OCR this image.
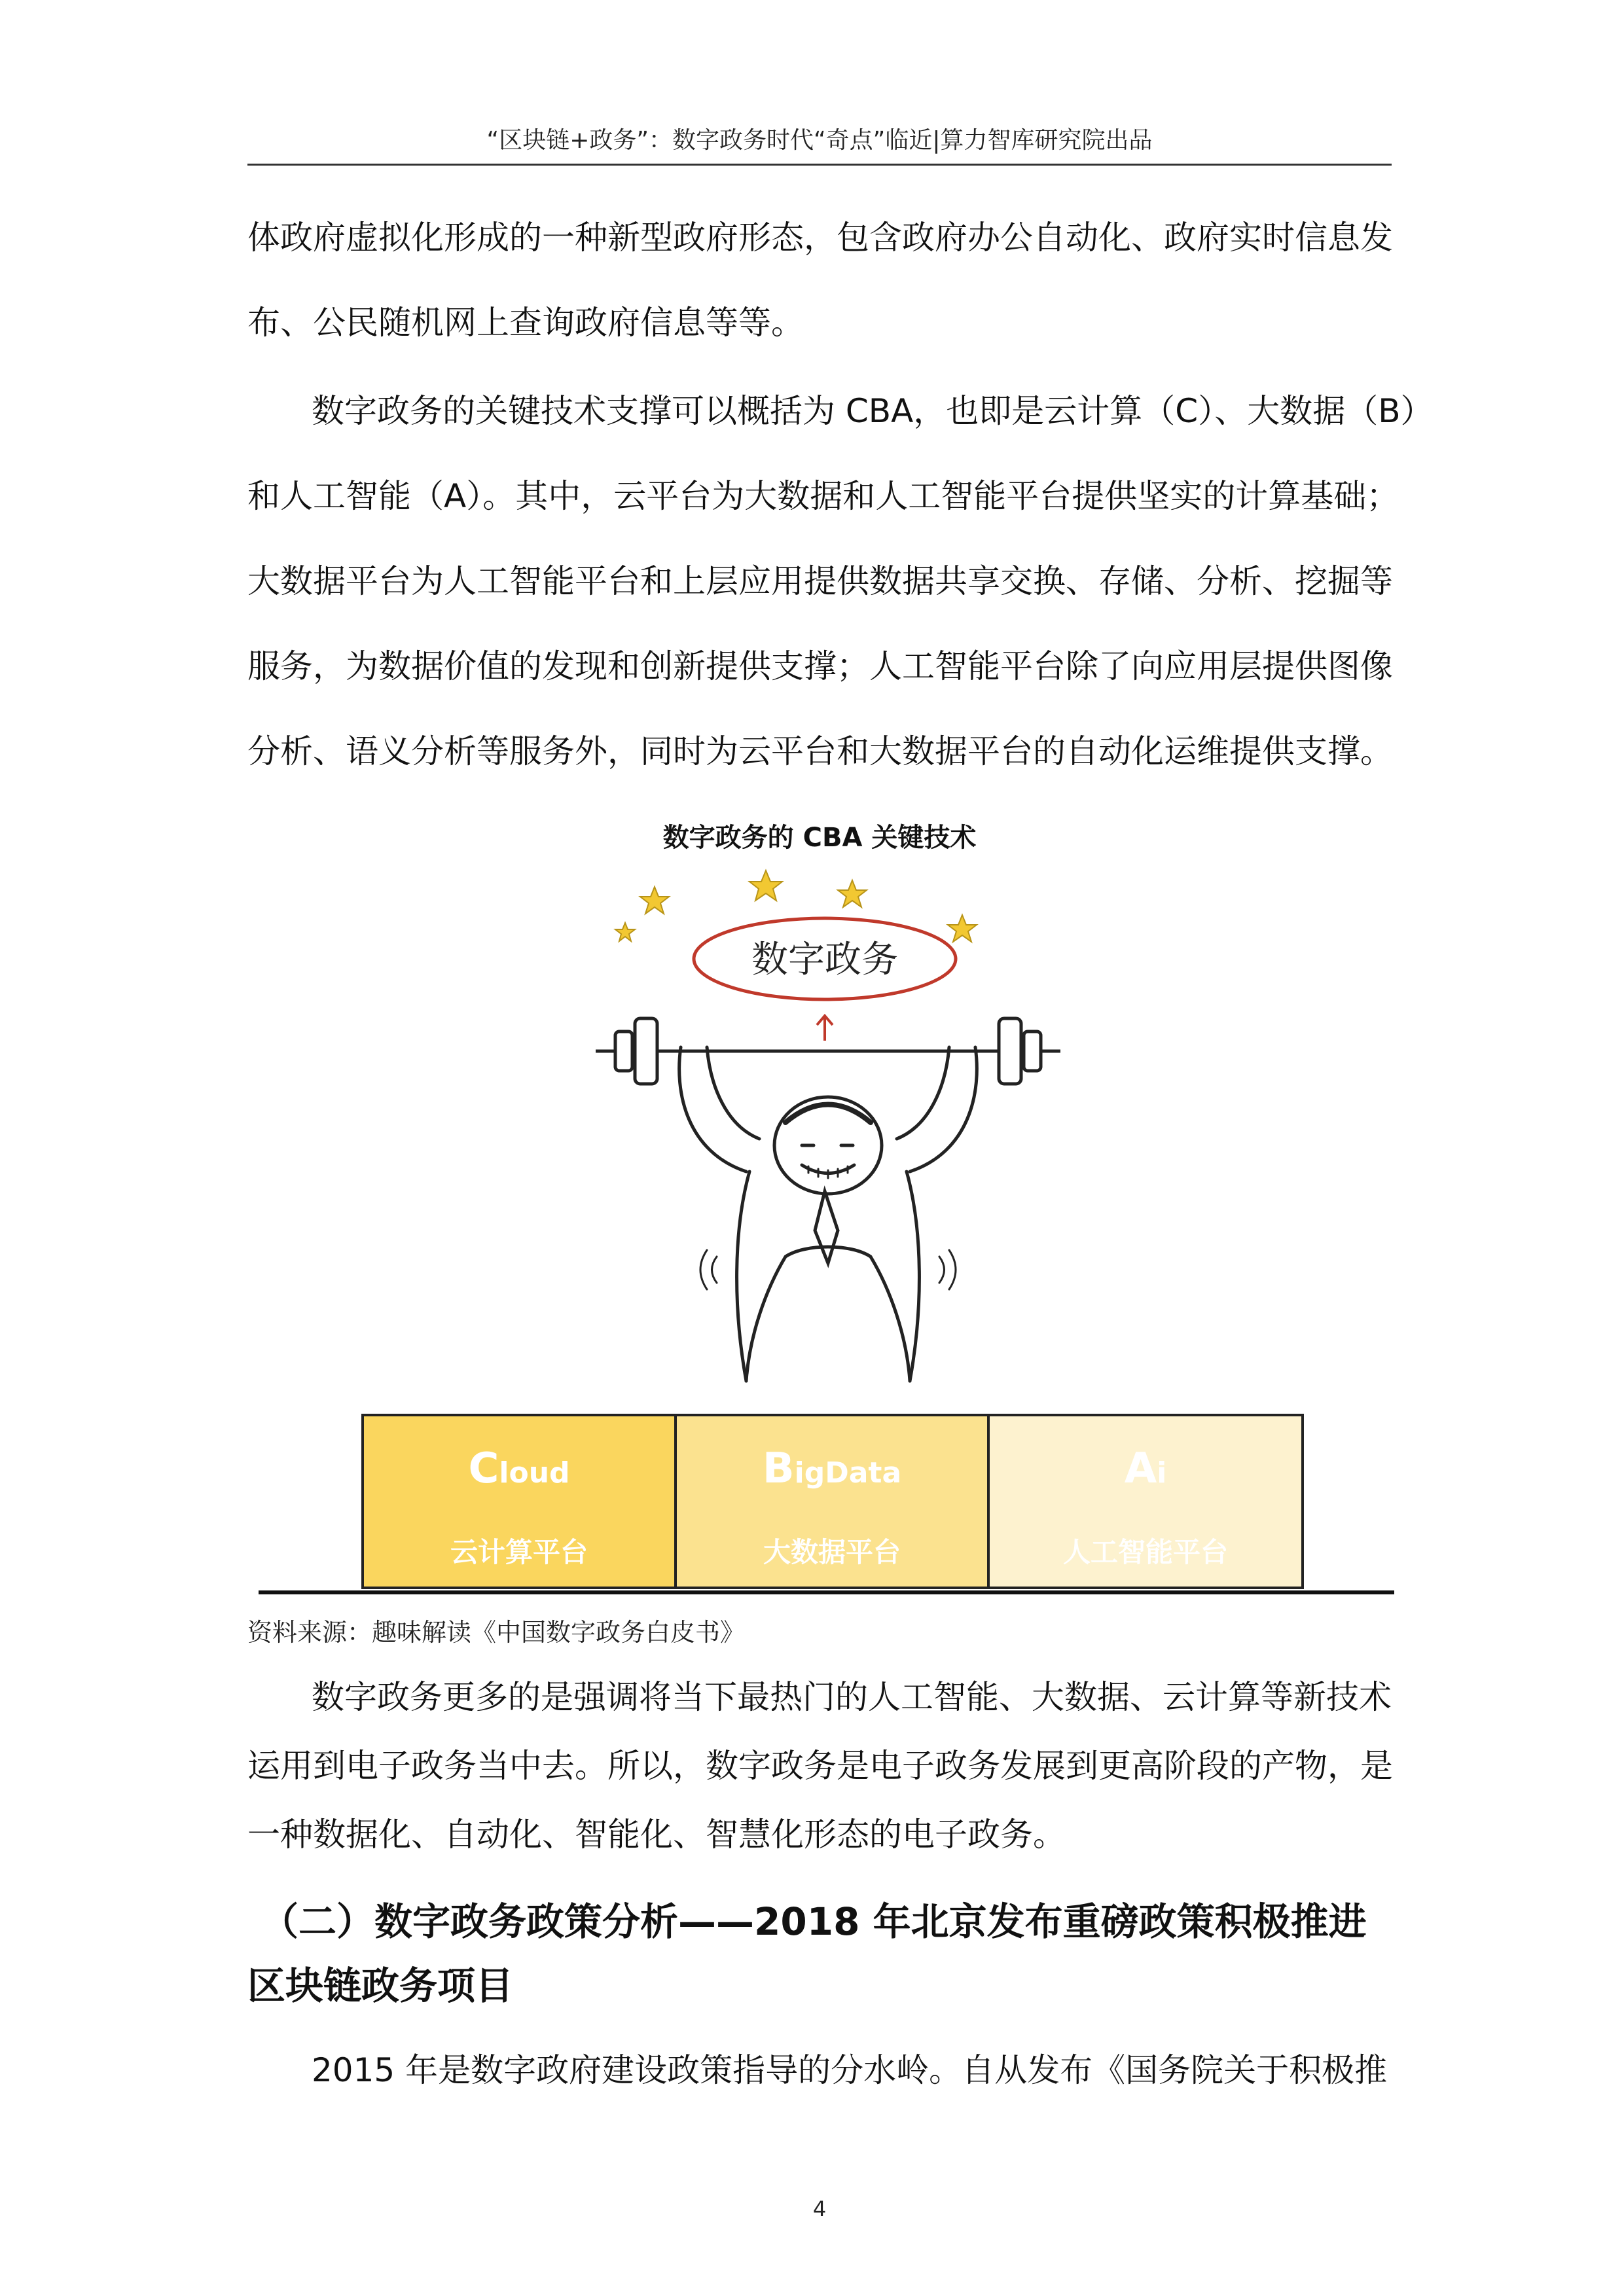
“区块链+政务”：数字政务时代“奇点”临近|算力智库研究院出品
体政府虚拟化形成的一种新型政府形态，包含政府办公自动化、政府实时信息发
布、公民随机网上查询政府信息等等。
数字政务的关键技术支撑可以概括为 CBA，也即是云计算（C）、大数据（B）
和人工智能（A）。其中，云平台为大数据和人工智能平台提供坚实的计算基础；
大数据平台为人工智能平台和上层应用提供数据共享交换、存储、分析、挖掘等
服务，为数据价值的发现和创新提供支撑；人工智能平台除了向应用层提供图像
分析、语义分析等服务外，同时为云平台和大数据平台的自动化运维提供支撑。
数字政务的 CBA 关键技术
数字政务
Cloud
云计算平台
BigData
大数据平台
Ai
人工智能平台
资料来源：趣味解读《中国数字政务白皮书》
数字政务更多的是强调将当下最热门的人工智能、大数据、云计算等新技术
运用到电子政务当中去。所以，数字政务是电子政务发展到更高阶段的产物，是
一种数据化、自动化、智能化、智慧化形态的电子政务。
（二）数字政务政策分析——2018 年北京发布重磅政策积极推进
区块链政务项目
2015 年是数字政府建设政策指导的分水岭。自从发布《国务院关于积极推
4
